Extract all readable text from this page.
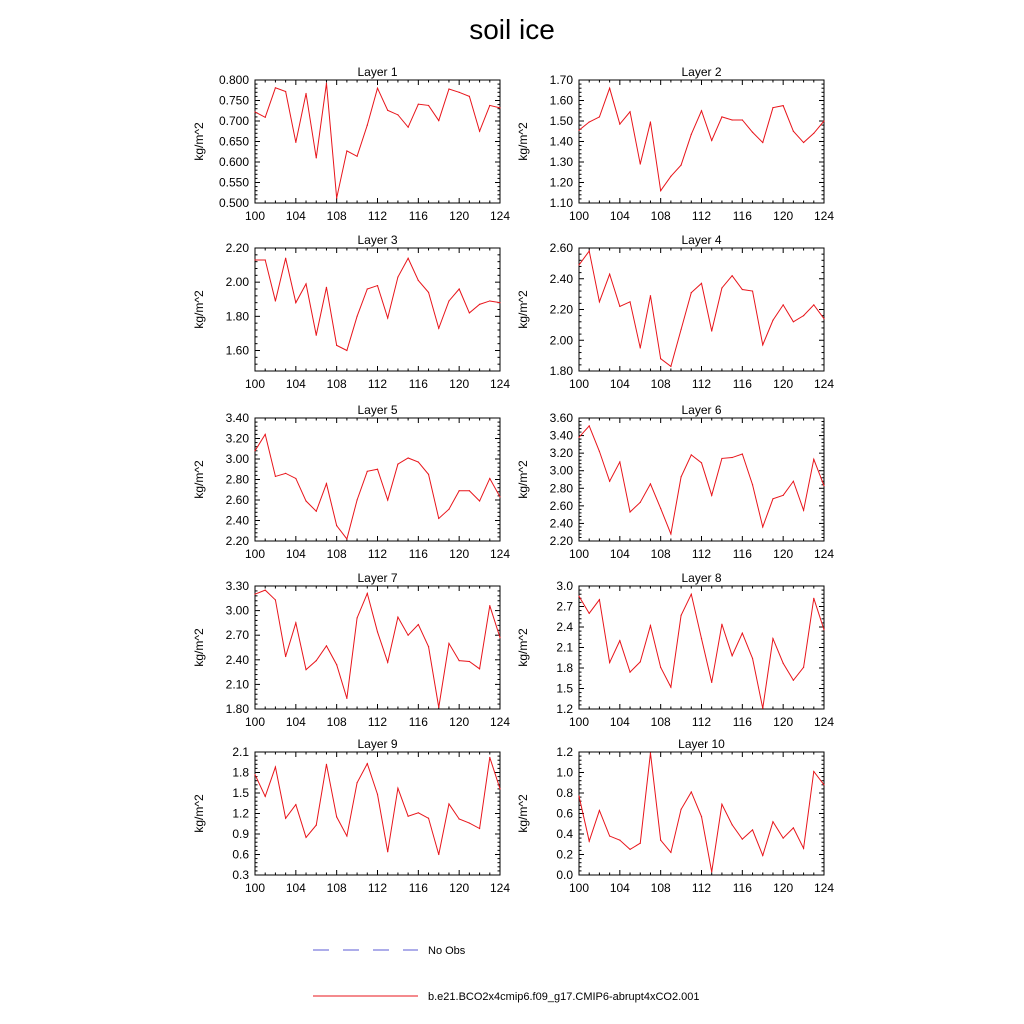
soil ice
Layer 1
kg/m^2
100 104 108 112 116 120 124
0.500
0.550
0.600
0.650
0.700
0.750
0.800
Layer 2
kg/m^2
100 104 108 112 116 120 124
1.10
1.20
1.30
1.40
1.50
1.60
1.70
Layer 3
kg/m^2
100 104 108 112 116 120 124
1.60
1.80
2.00
2.20
Layer 4
kg/m^2
100 104 108 112 116 120 124
1.80
2.00
2.20
2.40
2.60
Layer 5
kg/m^2
100 104 108 112 116 120 124
2.20
2.40
2.60
2.80
3.00
3.20
3.40
Layer 6
kg/m^2
100 104 108 112 116 120 124
2.20
2.40
2.60
2.80
3.00
3.20
3.40
3.60
Layer 7
kg/m^2
100 104 108 112 116 120 124
1.80
2.10
2.40
2.70
3.00
3.30
Layer 8
kg/m^2
100 104 108 112 116 120 124
1.2
1.5
1.8
2.1
2.4
2.7
3.0
Layer 9
kg/m^2
100 104 108 112 116 120 124
0.3
0.6
0.9
1.2
1.5
1.8
2.1
Layer 10
kg/m^2
100 104 108 112 116 120 124
0.0
0.2
0.4
0.6
0.8
1.0
1.2
No Obs
b.e21.BCO2x4cmip6.f09_g17.CMIP6-abrupt4xCO2.001
